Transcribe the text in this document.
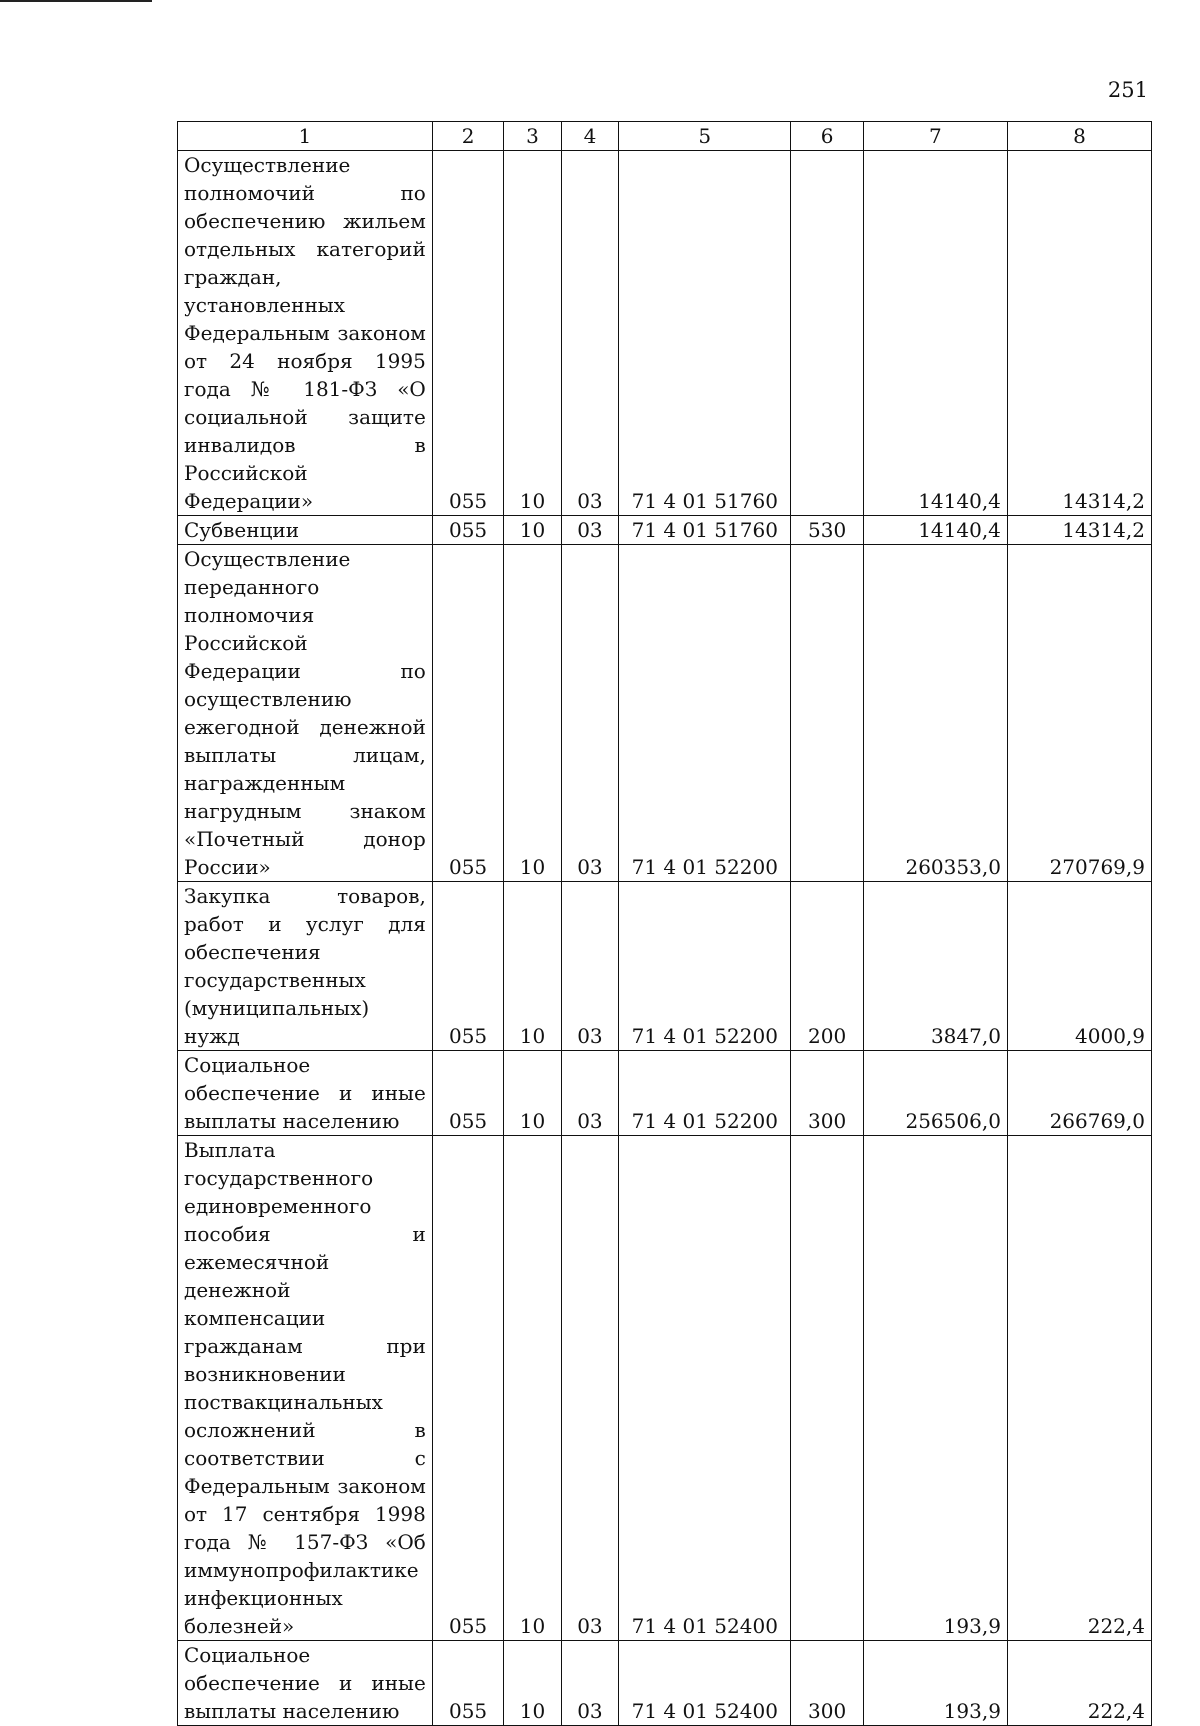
251
1	2	3	4	5	6	7	8
Осуществление полномочий по обеспечению жильем отдельных категорий граждан, установленных Федеральным законом от 24 ноября 1995 года № 181-ФЗ «О социальной защите инвалидов в Российской Федерации»	055	10	03	71 4 01 51760		14140,4	14314,2
Субвенции	055	10	03	71 4 01 51760	530	14140,4	14314,2
Осуществление переданного полномочия Российской Федерации по осуществлению ежегодной денежной выплаты лицам, награжденным нагрудным знаком «Почетный донор России»	055	10	03	71 4 01 52200		260353,0	270769,9
Закупка товаров, работ и услуг для обеспечения государственных (муниципальных) нужд	055	10	03	71 4 01 52200	200	3847,0	4000,9
Социальное обеспечение и иные выплаты населению	055	10	03	71 4 01 52200	300	256506,0	266769,0
Выплата государственного единовременного пособия и ежемесячной денежной компенсации гражданам при возникновении поствакцинальных осложнений в соответствии с Федеральным законом от 17 сентября 1998 года № 157-ФЗ «Об иммунопрофилактике инфекционных болезней»	055	10	03	71 4 01 52400		193,9	222,4
Социальное обеспечение и иные выплаты населению	055	10	03	71 4 01 52400	300	193,9	222,4
